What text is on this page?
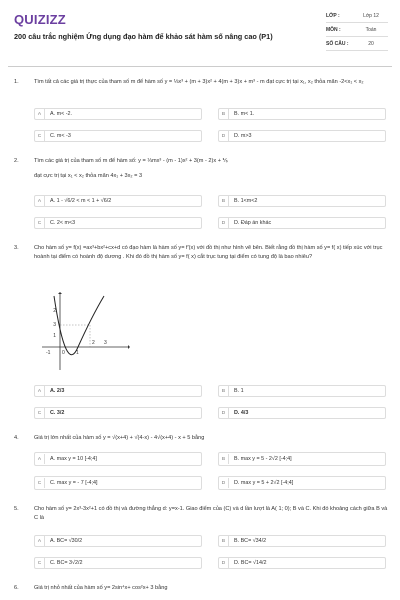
QUIZIZZ
200 câu trắc nghiệm Ứng dụng đạo hàm để khảo sát hàm số nâng cao (P1)
LỚP :	Lớp 12
MÔN :	Toán
SỐ CÂU :	20
1.	Tìm tất cả các giá trị thực của tham số m để hàm số y = ⅓x³ + (m + 3)x² + 4(m + 3)x + m³ - m đạt cực trị tại x₁, x₂ thỏa mãn -2<x₁ < x₂
A	A. m< -2.	B	B. m< 1.
C	C. m< -3	D	D. m>3
2.	Tìm các giá trị của tham số m để hàm số: y = ⅓mx³ - (m - 1)x² + 3(m - 2)x + ⅙
đạt cực trị tại x₁ < x₂ thỏa mãn 4x₁ + 3x₂ = 3
A	A. 1 - √6/2 < m < 1 + √6/2	B	B. 1<m<2
C	C. 2< m<3	D	D. Đáp án khác
3.	Cho hàm số y= f(x) =ax³+bx²+cx+d có đạo hàm là hàm số y= f'(x) với đồ thị như hình vẽ bên. Biết rằng đồ thị hàm số y= f( x) tiếp xúc với trục hoành tại điểm có hoành độ dương . Khi đó đồ thị hàm số y= f( x) cắt trục tung tại điểm có tung độ là bao nhiêu?
3
2
1
-1 0 1
2 3
A	A. 2/3	B	B. 1
C	C. 3/2	D	D. 4/3
4.	Giá trị lớn nhất của hàm số y = √(x+4) + √(4-x) - 4√(x+4) - x + 5 bằng
A	A. max y = 10 [-4;4]	B	B. max y = 5 - 2√2 [-4;4]
C	C. max y = - 7 [-4;4]	D	D. max y = 5 + 2√2 [-4;4]
5.	Cho hàm số y= 2x³-3x²+1 có đồ thị và đường thẳng d: y=x-1. Giao điểm của (C) và d lần lượt là A( 1; 0); B và C. Khi đó khoảng cách giữa B và C là
A	A. BC= √30/2	B	B. BC= √34/2
C	C. BC= 3√2/2	D	D. BC= √14/2
6.	Giá trị nhỏ nhất của hàm số y= 2sin⁴x+ cos²x+ 3 bằng
